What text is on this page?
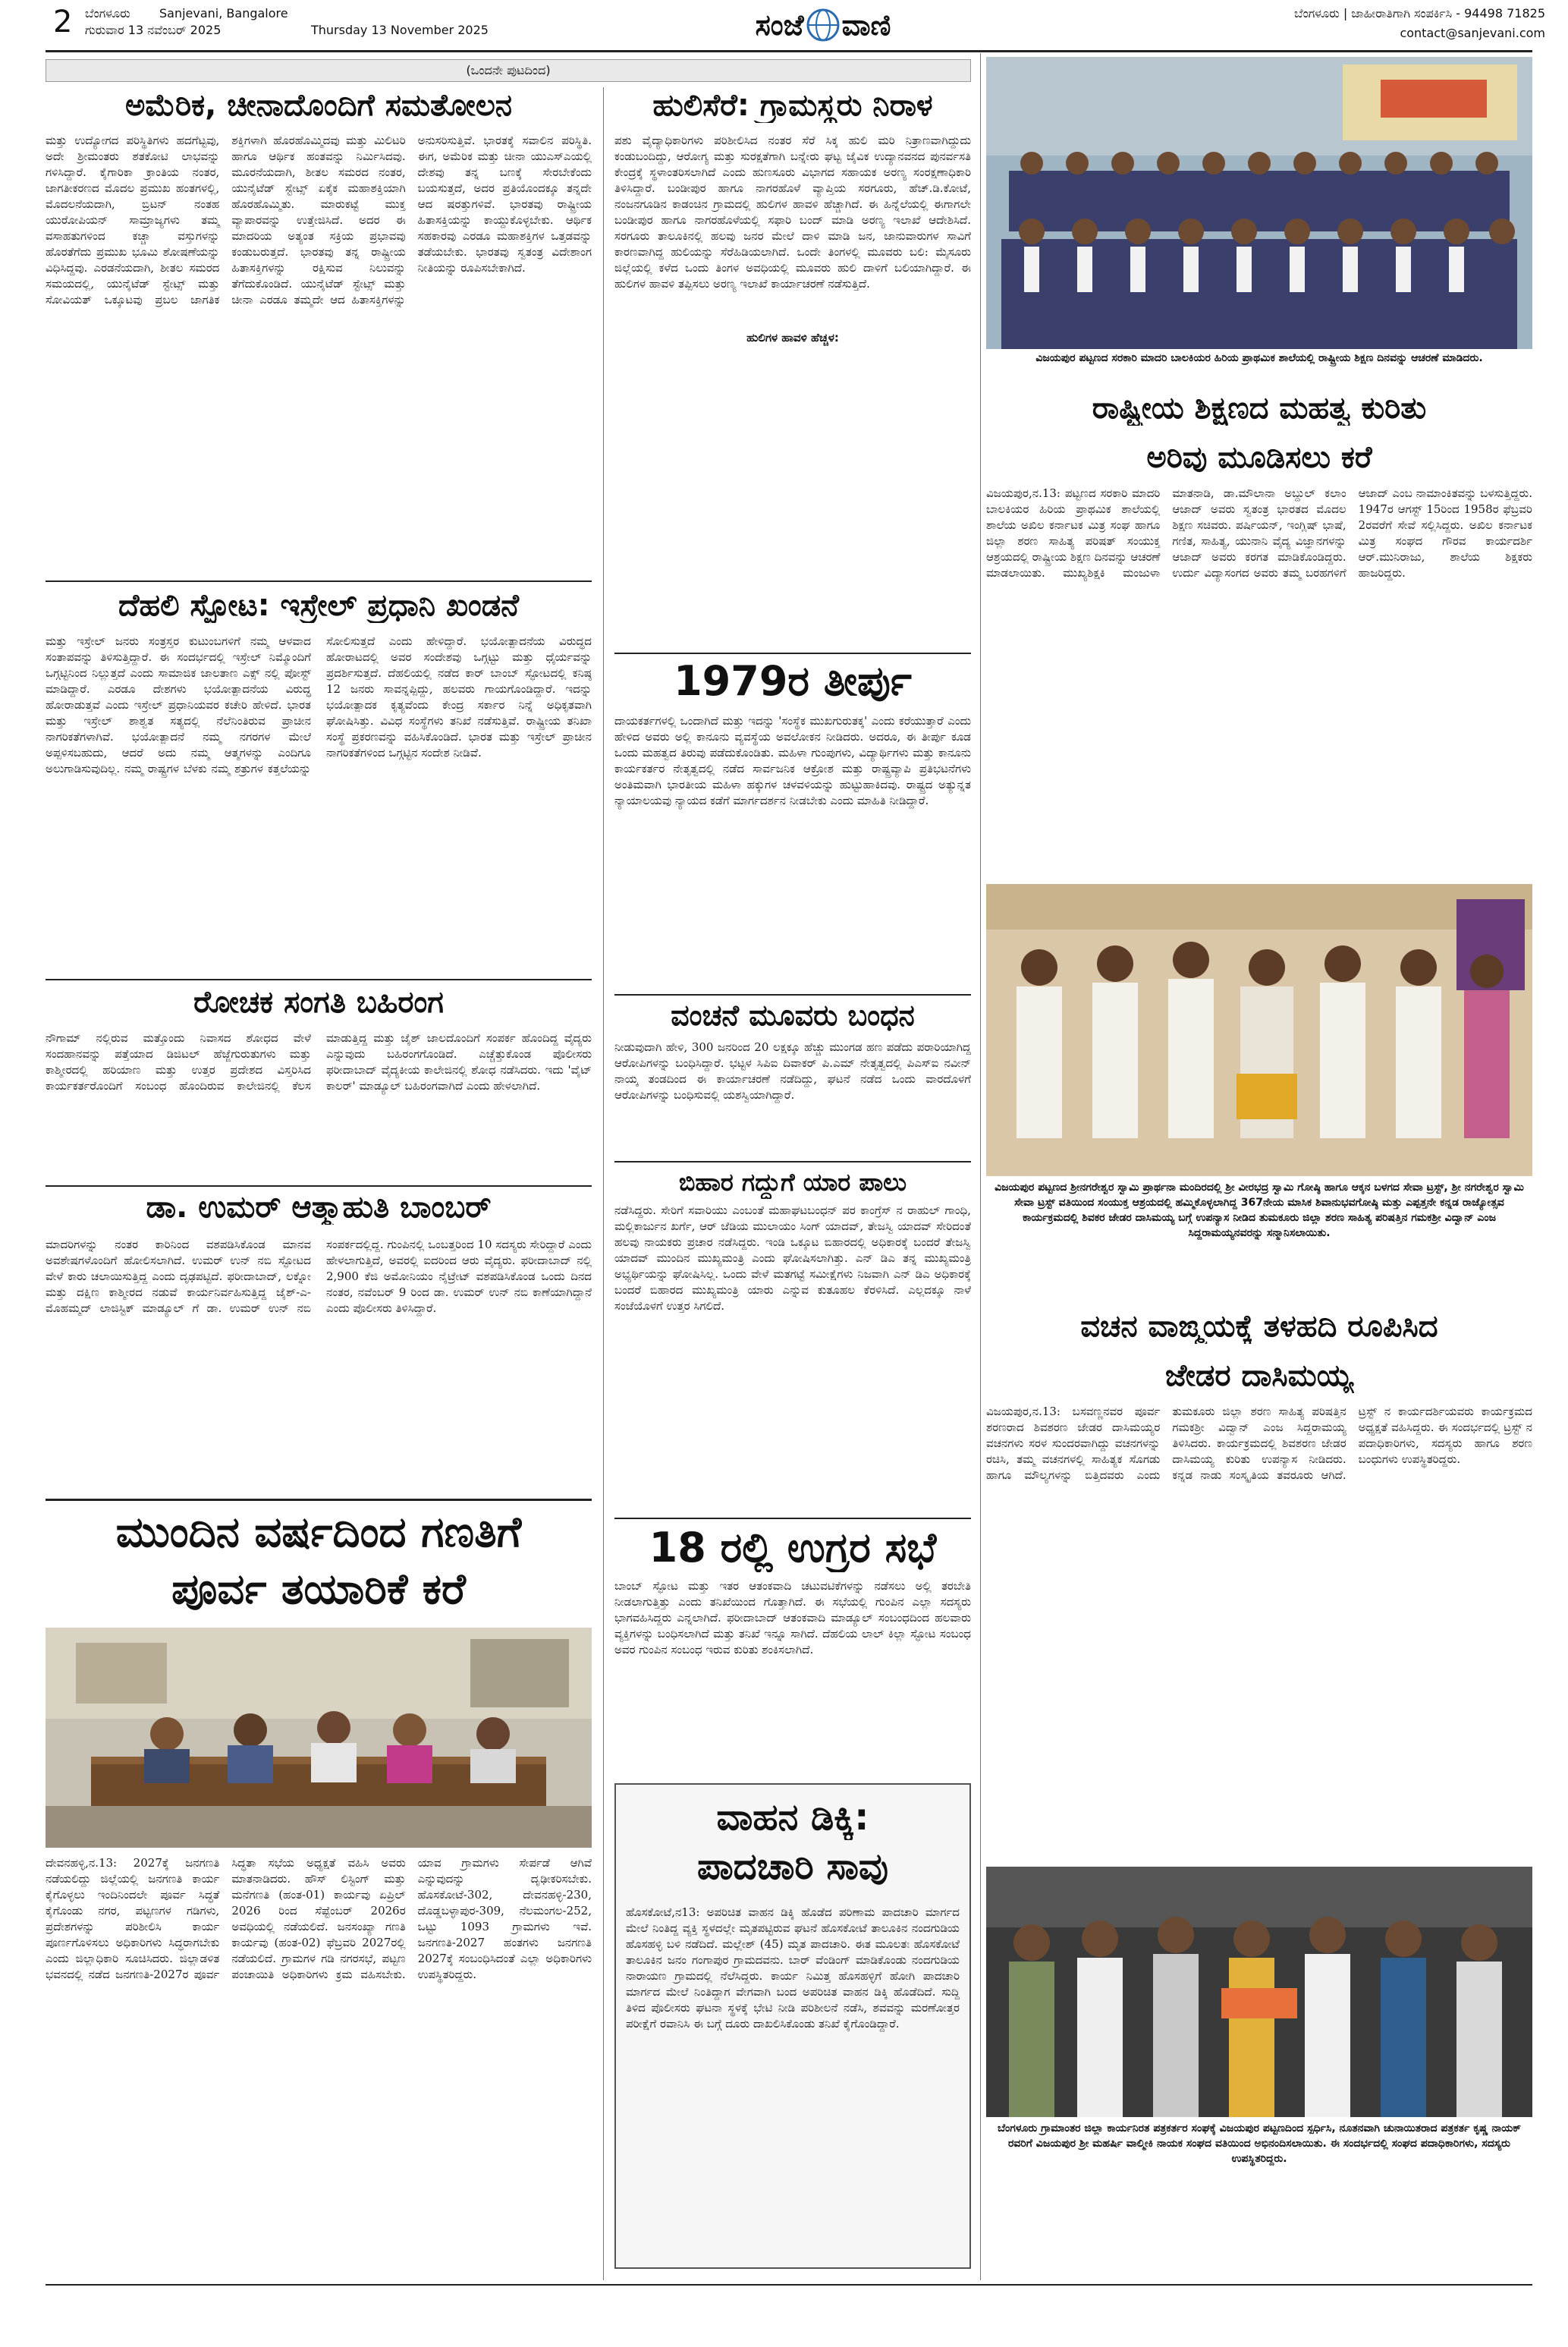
2 ಬೆಂಗಳೂರು
ಗುರುವಾರ 13 ನವೆಂಬರ್ 2025
Sanjevani, Bangalore
Thursday 13 November 2025	ಸಂಜೆ ವಾಣಿ	ಬೆಂಗಳೂರು | ಜಾಹೀರಾತಿಗಾಗಿ ಸಂಪರ್ಕಿಸಿ - 94498 71825
contact@sanjevani.com
(ಒಂದನೇ ಪುಟದಿಂದ)
ಅಮೆರಿಕ, ಚೀನಾದೊಂದಿಗೆ ಸಮತೋಲನ
ಮತ್ತು ಉದ್ಯೋಗದ ಪರಿಸ್ಥಿತಿಗಳು ಹದಗೆಟ್ಟವು, ಅದೇ ಶ್ರೀಮಂತರು ಶತಕೋಟಿ ಲಾಭವನ್ನು ಗಳಿಸಿದ್ದಾರೆ. ಕೈಗಾರಿಕಾ ಕ್ರಾಂತಿಯ ನಂತರ, ಜಾಗತೀಕರಣದ ಮೊದಲ ಪ್ರಮುಖ ಹಂತಗಳಲ್ಲಿ, ಮೊದಲನೆಯದಾಗಿ, ಬ್ರಿಟನ್ ನಂತಹ ಯುರೋಪಿಯನ್ ಸಾಮ್ರಾಜ್ಯಗಳು ತಮ್ಮ ವಸಾಹತುಗಳಿಂದ ಕಚ್ಚಾ ವಸ್ತುಗಳನ್ನು ಹೊರತೆಗೆದು ಪ್ರಮುಖ ಭೂಮಿ ಶೋಷಣೆಯನ್ನು ವಿಧಿಸಿದ್ದವು. ಎರಡನೆಯದಾಗಿ, ಶೀತಲ ಸಮರದ ಸಮಯದಲ್ಲಿ, ಯುನೈಟೆಡ್ ಸ್ಟೇಟ್ಸ್ ಮತ್ತು ಸೋವಿಯತ್ ಒಕ್ಕೂಟವು ಪ್ರಬಲ ಜಾಗತಿಕ ಶಕ್ತಿಗಳಾಗಿ ಹೊರಹೊಮ್ಮಿದವು ಮತ್ತು ಮಿಲಿಟರಿ ಹಾಗೂ ಆರ್ಥಿಕ ಹಂತವನ್ನು ನಿರ್ಮಿಸಿದವು. ಮೂರನೆಯದಾಗಿ, ಶೀತಲ ಸಮರದ ನಂತರ, ಯುನೈಟೆಡ್ ಸ್ಟೇಟ್ಸ್ ಏಕೈಕ ಮಹಾಶಕ್ತಿಯಾಗಿ ಹೊರಹೊಮ್ಮಿತು. ಮಾರುಕಟ್ಟೆ ಮುಕ್ತ ವ್ಯಾಪಾರವನ್ನು ಉತ್ತೇಜಿಸಿದೆ. ಅದರ ಈ ಮಾದರಿಯ ಅತ್ಯಂತ ಸಕ್ರಿಯ ಪ್ರಭಾವವು ಕಂಡುಬರುತ್ತದೆ. ಭಾರತವು ತನ್ನ ರಾಷ್ಟ್ರೀಯ ಹಿತಾಸಕ್ತಿಗಳನ್ನು ರಕ್ಷಿಸುವ ನಿಲುವನ್ನು ತೆಗೆದುಕೊಂಡಿದೆ. ಯುನೈಟೆಡ್ ಸ್ಟೇಟ್ಸ್ ಮತ್ತು ಚೀನಾ ಎರಡೂ ತಮ್ಮದೇ ಆದ ಹಿತಾಸಕ್ತಿಗಳನ್ನು ಅನುಸರಿಸುತ್ತಿವೆ. ಭಾರತಕ್ಕೆ ಸವಾಲಿನ ಪರಿಸ್ಥಿತಿ. ಈಗ, ಅಮೆರಿಕ ಮತ್ತು ಚೀನಾ ಯುಎಸ್ಎಯಲ್ಲಿ ದೇಶವು ತನ್ನ ಬಣಕ್ಕೆ ಸೇರಬೇಕೆಂದು ಬಯಸುತ್ತದೆ, ಅದರ ಪ್ರತಿಯೊಂದಕ್ಕೂ ತನ್ನದೇ ಆದ ಷರತ್ತುಗಳಿವೆ. ಭಾರತವು ರಾಷ್ಟ್ರೀಯ ಹಿತಾಸಕ್ತಿಯನ್ನು ಕಾಯ್ದುಕೊಳ್ಳಬೇಕು. ಆರ್ಥಿಕ ಸಹಕಾರವು ಎರಡೂ ಮಹಾಶಕ್ತಿಗಳ ಒತ್ತಡವನ್ನು ತಡೆಯಬೇಕು. ಭಾರತವು ಸ್ವತಂತ್ರ ವಿದೇಶಾಂಗ ನೀತಿಯನ್ನು ರೂಪಿಸಬೇಕಾಗಿದೆ.
ದೆಹಲಿ ಸ್ಫೋಟ: ಇಸ್ರೇಲ್ ಪ್ರಧಾನಿ ಖಂಡನೆ
ಮತ್ತು ಇಸ್ರೇಲ್ ಜನರು ಸಂತ್ರಸ್ತರ ಕುಟುಂಬಗಳಿಗೆ ನಮ್ಮ ಆಳವಾದ ಸಂತಾಪವನ್ನು ತಿಳಿಸುತ್ತಿದ್ದಾರೆ. ಈ ಸಂದರ್ಭದಲ್ಲಿ ಇಸ್ರೇಲ್ ನಿಮ್ಮೊಂದಿಗೆ ಒಗ್ಗಟ್ಟಿನಿಂದ ನಿಲ್ಲುತ್ತದೆ ಎಂದು ಸಾಮಾಜಿಕ ಜಾಲತಾಣ ಎಕ್ಸ್ ನಲ್ಲಿ ಪೋಸ್ಟ್ ಮಾಡಿದ್ದಾರೆ. ಎರಡೂ ದೇಶಗಳು ಭಯೋತ್ಪಾದನೆಯ ವಿರುದ್ಧ ಹೋರಾಡುತ್ತವೆ ಎಂದು ಇಸ್ರೇಲ್ ಪ್ರಧಾನಿಯವರ ಕಚೇರಿ ಹೇಳಿದೆ. ಭಾರತ ಮತ್ತು ಇಸ್ರೇಲ್ ಶಾಶ್ವತ ಸತ್ಯದಲ್ಲಿ ನೆಲೆನಿಂತಿರುವ ಪ್ರಾಚೀನ ನಾಗರಿಕತೆಗಳಾಗಿವೆ. ಭಯೋತ್ಪಾದನೆ ನಮ್ಮ ನಗರಗಳ ಮೇಲೆ ಅಪ್ಪಳಿಸಬಹುದು, ಆದರೆ ಅದು ನಮ್ಮ ಆತ್ಮಗಳನ್ನು ಎಂದಿಗೂ ಅಲುಗಾಡಿಸುವುದಿಲ್ಲ. ನಮ್ಮ ರಾಷ್ಟ್ರಗಳ ಬೆಳಕು ನಮ್ಮ ಶತ್ರುಗಳ ಕತ್ತಲೆಯನ್ನು ಸೋಲಿಸುತ್ತದೆ ಎಂದು ಹೇಳಿದ್ದಾರೆ. ಭಯೋತ್ಪಾದನೆಯ ವಿರುದ್ಧದ ಹೋರಾಟದಲ್ಲಿ ಅವರ ಸಂದೇಶವು ಒಗ್ಗಟ್ಟು ಮತ್ತು ಧೈರ್ಯವನ್ನು ಪ್ರದರ್ಶಿಸುತ್ತದೆ. ದೆಹಲಿಯಲ್ಲಿ ನಡೆದ ಕಾರ್ ಬಾಂಬ್ ಸ್ಫೋಟದಲ್ಲಿ ಕನಿಷ್ಠ 12 ಜನರು ಸಾವನ್ನಪ್ಪಿದ್ದು, ಹಲವರು ಗಾಯಗೊಂಡಿದ್ದಾರೆ. ಇದನ್ನು ಭಯೋತ್ಪಾದಕ ಕೃತ್ಯವೆಂದು ಕೇಂದ್ರ ಸರ್ಕಾರ ನಿನ್ನೆ ಅಧಿಕೃತವಾಗಿ ಘೋಷಿಸಿತ್ತು. ವಿವಿಧ ಸಂಸ್ಥೆಗಳು ತನಿಖೆ ನಡೆಸುತ್ತಿವೆ. ರಾಷ್ಟ್ರೀಯ ತನಿಖಾ ಸಂಸ್ಥೆ ಪ್ರಕರಣವನ್ನು ವಹಿಸಿಕೊಂಡಿದೆ. ಭಾರತ ಮತ್ತು ಇಸ್ರೇಲ್ ಪ್ರಾಚೀನ ನಾಗರಿಕತೆಗಳಿಂದ ಒಗ್ಗಟ್ಟಿನ ಸಂದೇಶ ನೀಡಿವೆ.
ರೋಚಕ ಸಂಗತಿ ಬಹಿರಂಗ
ನೌಗಾಮ್ ನಲ್ಲಿರುವ ಮತ್ತೊಂದು ನಿವಾಸದ ಶೋಧದ ವೇಳೆ ಸಂದಹಾನವನ್ನು ಪತ್ತೆಯಾದ ಡಿಜಿಟಲ್ ಹೆಜ್ಜೆಗುರುತುಗಳು ಮತ್ತು ಕಾಶ್ಮೀರದಲ್ಲಿ ಹರಿಯಾಣ ಮತ್ತು ಉತ್ತರ ಪ್ರದೇಶದ ವಿಸ್ತರಿಸಿದ ಕಾರ್ಯಕರ್ತರೊಂದಿಗೆ ಸಂಬಂಧ ಹೊಂದಿರುವ ಕಾಲೇಜಿನಲ್ಲಿ ಕೆಲಸ ಮಾಡುತ್ತಿದ್ದ ಮತ್ತು ಜೈಶ್ ಜಾಲದೊಂದಿಗೆ ಸಂಪರ್ಕ ಹೊಂದಿದ್ದ ವೈದ್ಯರು ಎನ್ನುವುದು ಬಹಿರಂಗಗೊಂಡಿದೆ. ಎಚ್ಚೆತ್ತುಕೊಂಡ ಪೊಲೀಸರು ಫರೀದಾಬಾದ್ ವೈದ್ಯಕೀಯ ಕಾಲೇಜಿನಲ್ಲಿ ಶೋಧ ನಡೆಸಿದರು. ಇದು 'ವೈಟ್ ಕಾಲರ್' ಮಾಡ್ಯೂಲ್ ಬಹಿರಂಗವಾಗಿದೆ ಎಂದು ಹೇಳಲಾಗಿದೆ.
ಡಾ. ಉಮರ್ ಆತ್ಮಾಹುತಿ ಬಾಂಬರ್
ಮಾದರಿಗಳನ್ನು ನಂತರ ಕಾರಿನಿಂದ ವಶಪಡಿಸಿಕೊಂಡ ಮಾನವ ಅವಶೇಷಗಳೊಂದಿಗೆ ಹೋಲಿಸಲಾಗಿದೆ. ಉಮರ್ ಉನ್ ನಬಿ ಸ್ಫೋಟದ ವೇಳೆ ಕಾರು ಚಲಾಯಿಸುತ್ತಿದ್ದ ಎಂದು ದೃಢಪಟ್ಟಿದೆ. ಫರೀದಾಬಾದ್, ಲಕ್ನೋ ಮತ್ತು ದಕ್ಷಿಣ ಕಾಶ್ಮೀರದ ನಡುವೆ ಕಾರ್ಯನಿರ್ವಹಿಸುತ್ತಿದ್ದ ಜೈಶ್-ಎ-ಮೊಹಮ್ಮದ್ ಲಾಜಿಸ್ಟಿಕ್ ಮಾಡ್ಯೂಲ್ ಗೆ ಡಾ. ಉಮರ್ ಉನ್ ನಬಿ ಸಂಪರ್ಕದಲ್ಲಿದ್ದ. ಗುಂಪಿನಲ್ಲಿ ಒಂಬತ್ತರಿಂದ 10 ಸದಸ್ಯರು ಸೇರಿದ್ದಾರೆ ಎಂದು ಹೇಳಲಾಗುತ್ತಿದೆ, ಅವರಲ್ಲಿ ಐದರಿಂದ ಆರು ವೈದ್ಯರು. ಫರೀದಾಬಾದ್ ನಲ್ಲಿ 2,900 ಕೆಜಿ ಅಮೋನಿಯಂ ನೈಟ್ರೇಟ್ ವಶಪಡಿಸಿಕೊಂಡ ಒಂದು ದಿನದ ನಂತರ, ನವೆಂಬರ್ 9 ರಿಂದ ಡಾ. ಉಮರ್ ಉನ್ ನಬಿ ಕಾಣೆಯಾಗಿದ್ದಾನೆ ಎಂದು ಪೊಲೀಸರು ತಿಳಿಸಿದ್ದಾರೆ.
ಮುಂದಿನ ವರ್ಷದಿಂದ ಗಣತಿಗೆ
ಪೂರ್ವ ತಯಾರಿಕೆ ಕರೆ
ದೇವನಹಳ್ಳಿ,ನ.13: 2027ಕ್ಕೆ ಜನಗಣತಿ ನಡೆಯಲಿದ್ದು ಜಿಲ್ಲೆಯಲ್ಲಿ ಜನಗಣತಿ ಕಾರ್ಯ ಕೈಗೊಳ್ಳಲು ಇಂದಿನಿಂದಲೇ ಪೂರ್ವ ಸಿದ್ಧತೆ ಕೈಗೊಂಡು ನಗರ, ಪಟ್ಟಣಗಳ ಗಡಿಗಳು, ಪ್ರದೇಶಗಳನ್ನು ಪರಿಶೀಲಿಸಿ ಕಾರ್ಯ ಪೂರ್ಣಗೊಳಿಸಲು ಅಧಿಕಾರಿಗಳು ಸಿದ್ಧರಾಗಬೇಕು ಎಂದು ಜಿಲ್ಲಾಧಿಕಾರಿ ಸೂಚಿಸಿದರು. ಜಿಲ್ಲಾಡಳಿತ ಭವನದಲ್ಲಿ ನಡೆದ ಜನಗಣತಿ-2027ರ ಪೂರ್ವ ಸಿದ್ಧತಾ ಸಭೆಯ ಅಧ್ಯಕ್ಷತೆ ವಹಿಸಿ ಅವರು ಮಾತನಾಡಿದರು. ಹೌಸ್ ಲಿಸ್ಟಿಂಗ್ ಮತ್ತು ಮನೆಗಣತಿ (ಹಂತ-01) ಕಾರ್ಯವು ಏಪ್ರಿಲ್ 2026 ರಿಂದ ಸೆಪ್ಟೆಂಬರ್ 2026ರ ಅವಧಿಯಲ್ಲಿ ನಡೆಯಲಿದೆ. ಜನಸಂಖ್ಯಾ ಗಣತಿ ಕಾರ್ಯವು (ಹಂತ-02) ಫೆಬ್ರವರಿ 2027ರಲ್ಲಿ ನಡೆಯಲಿದೆ. ಗ್ರಾಮಗಳ ಗಡಿ ನಗರಸಭೆ, ಪಟ್ಟಣ ಪಂಚಾಯಿತಿ ಅಧಿಕಾರಿಗಳು ಕ್ರಮ ವಹಿಸಬೇಕು. ಯಾವ ಗ್ರಾಮಗಳು ಸೇರ್ಪಡೆ ಆಗಿವೆ ಎನ್ನುವುದನ್ನು ದೃಢೀಕರಿಸಬೇಕು. ಹೊಸಕೋಟೆ-302, ದೇವನಹಳ್ಳಿ-230, ದೊಡ್ಡಬಳ್ಳಾಪುರ-309, ನೆಲಮಂಗಲ-252, ಒಟ್ಟು 1093 ಗ್ರಾಮಗಳು ಇವೆ. ಜನಗಣತಿ-2027 ಹಂತಗಳು ಜನಗಣತಿ 2027ಕ್ಕೆ ಸಂಬಂಧಿಸಿದಂತೆ ಎಲ್ಲಾ ಅಧಿಕಾರಿಗಳು ಉಪಸ್ಥಿತರಿದ್ದರು.
ಹುಲಿಸೆರೆ: ಗ್ರಾಮಸ್ಥರು ನಿರಾಳ
ಪಶು ವೈದ್ಯಾಧಿಕಾರಿಗಳು ಪರಿಶೀಲಿಸಿದ ನಂತರ ಸೆರೆ ಸಿಕ್ಕ ಹುಲಿ ಮರಿ ನಿತ್ರಾಣವಾಗಿದ್ದುದು ಕಂಡುಬಂದಿದ್ದು, ಆರೋಗ್ಯ ಮತ್ತು ಸುರಕ್ಷತೆಗಾಗಿ ಬನ್ನೇರು ಘಟ್ಟ ಜೈವಿಕ ಉದ್ಯಾನವನದ ಪುನರ್ವಸತಿ ಕೇಂದ್ರಕ್ಕೆ ಸ್ಥಳಾಂತರಿಸಲಾಗಿದೆ ಎಂದು ಹುಣಸೂರು ವಿಭಾಗದ ಸಹಾಯಕ ಅರಣ್ಯ ಸಂರಕ್ಷಣಾಧಿಕಾರಿ ತಿಳಿಸಿದ್ದಾರೆ. ಬಂಡೀಪುರ ಹಾಗೂ ನಾಗರಹೊಳೆ ವ್ಯಾಪ್ತಿಯ ಸರಗೂರು, ಹೆಚ್.ಡಿ.ಕೋಟೆ, ನಂಜನಗೂಡಿನ ಕಾಡಂಚಿನ ಗ್ರಾಮದಲ್ಲಿ ಹುಲಿಗಳ ಹಾವಳಿ ಹೆಚ್ಚಾಗಿದೆ. ಈ ಹಿನ್ನೆಲೆಯಲ್ಲಿ ಈಗಾಗಲೇ ಬಂಡೀಪುರ ಹಾಗೂ ನಾಗರಹೊಳೆಯಲ್ಲಿ ಸಫಾರಿ ಬಂದ್ ಮಾಡಿ ಅರಣ್ಯ ಇಲಾಖೆ ಆದೇಶಿಸಿದೆ. ಸರಗೂರು ತಾಲೂಕಿನಲ್ಲಿ ಹಲವು ಜನರ ಮೇಲೆ ದಾಳಿ ಮಾಡಿ ಜನ, ಜಾನುವಾರುಗಳ ಸಾವಿಗೆ ಕಾರಣವಾಗಿದ್ದ ಹುಲಿಯನ್ನು ಸೆರೆಹಿಡಿಯಲಾಗಿದೆ. ಒಂದೇ ತಿಂಗಳಲ್ಲಿ ಮೂವರು ಬಲಿ: ಮೈಸೂರು ಜಿಲ್ಲೆಯಲ್ಲಿ ಕಳೆದ ಒಂದು ತಿಂಗಳ ಅವಧಿಯಲ್ಲಿ ಮೂವರು ಹುಲಿ ದಾಳಿಗೆ ಬಲಿಯಾಗಿದ್ದಾರೆ. ಈ ಹುಲಿಗಳ ಹಾವಳಿ ತಪ್ಪಿಸಲು ಅರಣ್ಯ ಇಲಾಖೆ ಕಾರ್ಯಾಚರಣೆ ನಡೆಸುತ್ತಿದೆ.
ಹುಲಿಗಳ ಹಾವಳಿ ಹೆಚ್ಚಳ:
1979ರ ತೀರ್ಪು
ದಾಯಕರ್ತಗಳಲ್ಲಿ ಒಂದಾಗಿದೆ ಮತ್ತು ಇದನ್ನು 'ಸಂಸ್ಥೆಕ ಮುಖಗುರುತಕ್ಕ' ಎಂದು ಕರೆಯುತ್ತಾರೆ ಎಂದು ಹೇಳಿದ ಅವರು ಅಲ್ಲಿ ಕಾನೂನು ವ್ಯವಸ್ಥೆಯ ಅವಲೋಕನ ನೀಡಿದರು. ಅದರೂ, ಈ ತೀರ್ಪು ಕೂಡ ಒಂದು ಮಹತ್ವದ ತಿರುವು ಪಡೆದುಕೊಂಡಿತು. ಮಹಿಳಾ ಗುಂಪುಗಳು, ವಿದ್ಯಾರ್ಥಿಗಳು ಮತ್ತು ಕಾನೂನು ಕಾರ್ಯಕರ್ತರ ನೇತೃತ್ವದಲ್ಲಿ ನಡೆದ ಸಾರ್ವಜನಿಕ ಆಕ್ರೋಶ ಮತ್ತು ರಾಷ್ಟ್ರವ್ಯಾಪಿ ಪ್ರತಿಭಟನೆಗಳು ಅಂತಿಮವಾಗಿ ಭಾರತೀಯ ಮಹಿಳಾ ಹಕ್ಕುಗಳ ಚಳವಳಿಯನ್ನು ಹುಟ್ಟುಹಾಕಿದವು. ರಾಷ್ಟ್ರದ ಅತ್ಯುನ್ನತ ನ್ಯಾಯಾಲಯವು ನ್ಯಾಯದ ಕಡೆಗೆ ಮಾರ್ಗದರ್ಶನ ನೀಡಬೇಕು ಎಂದು ಮಾಹಿತಿ ನೀಡಿದ್ದಾರೆ.
ವಂಚನೆ ಮೂವರು ಬಂಧನ
ನೀಡುವುದಾಗಿ ಹೇಳಿ, 300 ಜನರಿಂದ 20 ಲಕ್ಷಕ್ಕೂ ಹೆಚ್ಚು ಮುಂಗಡ ಹಣ ಪಡೆದು ಪರಾರಿಯಾಗಿದ್ದ ಆರೋಪಿಗಳನ್ನು ಬಂಧಿಸಿದ್ದಾರೆ. ಭಟ್ಟಳ ಸಿಪಿಐ ದಿವಾಕರ್ ಪಿ.ಎಮ್ ನೇತೃತ್ವದಲ್ಲಿ ಪಿಎಸ್ಐ ನವೀನ್ ನಾಯ್ಕ ತಂಡದಿಂದ ಈ ಕಾರ್ಯಾಚರಣೆ ನಡೆದಿದ್ದು, ಘಟನೆ ನಡೆದ ಒಂದು ವಾರದೊಳಗೆ ಆರೋಪಿಗಳನ್ನು ಬಂಧಿಸುವಲ್ಲಿ ಯಶಸ್ವಿಯಾಗಿದ್ದಾರೆ.
ಬಿಹಾರ ಗದ್ದುಗೆ ಯಾರ ಪಾಲು
ನಡೆಸಿದ್ದರು. ಸೇರಿಗೆ ಸವಾರಿಯು ಎಂಬಂತೆ ಮಹಾಘಟಬಂಧನ್ ಪರ ಕಾಂಗ್ರೆಸ್ ನ ರಾಹುಲ್ ಗಾಂಧಿ, ಮಲ್ಲಿಕಾರ್ಜುನ ಖರ್ಗೆ, ಆರ್ ಜೆಡಿಯ ಮುಲಾಯಂ ಸಿಂಗ್ ಯಾದವ್, ತೇಜಸ್ವಿ ಯಾದವ್ ಸೇರಿದಂತೆ ಹಲವು ನಾಯಕರು ಪ್ರಚಾರ ನಡೆಸಿದ್ದರು. ಇಂಡಿ ಒಕ್ಕೂಟ ಬಿಹಾರದಲ್ಲಿ ಅಧಿಕಾರಕ್ಕೆ ಬಂದರೆ ತೇಜಸ್ವಿ ಯಾದವ್ ಮುಂದಿನ ಮುಖ್ಯಮಂತ್ರಿ ಎಂದು ಘೋಷಿಸಲಾಗಿತ್ತು. ಎನ್ ಡಿಎ ತನ್ನ ಮುಖ್ಯಮಂತ್ರಿ ಅಭ್ಯರ್ಥಿಯನ್ನು ಘೋಷಿಸಿಲ್ಲ. ಒಂದು ವೇಳೆ ಮತಗಟ್ಟೆ ಸಮೀಕ್ಷೆಗಳು ನಿಜವಾಗಿ ಎನ್ ಡಿಎ ಅಧಿಕಾರಕ್ಕೆ ಬಂದರೆ ಬಿಹಾರದ ಮುಖ್ಯಮಂತ್ರಿ ಯಾರು ಎನ್ನುವ ಕುತೂಹಲ ಕೆರಳಿಸಿದೆ. ಎಲ್ಲದಕ್ಕೂ ನಾಳೆ ಸಂಜೆಯೊಳಗೆ ಉತ್ತರ ಸಿಗಲಿದೆ.
18 ರಲ್ಲಿ ಉಗ್ರರ ಸಭೆ
ಬಾಂಬ್ ಸ್ಫೋಟ ಮತ್ತು ಇತರ ಆತಂಕವಾದಿ ಚಟುವಟಿಕೆಗಳನ್ನು ನಡೆಸಲು ಅಲ್ಲಿ ತರಬೇತಿ ನೀಡಲಾಗುತ್ತಿತ್ತು ಎಂದು ತನಿಖೆಯಿಂದ ಗೊತ್ತಾಗಿದೆ. ಈ ಸಭೆಯಲ್ಲಿ ಗುಂಪಿನ ಎಲ್ಲಾ ಸದಸ್ಯರು ಭಾಗವಹಿಸಿದ್ದರು ಎನ್ನಲಾಗಿದೆ. ಫರೀದಾಬಾದ್ ಆತಂಕವಾದಿ ಮಾಡ್ಯೂಲ್ ಸಂಬಂಧದಿಂದ ಹಲವಾರು ವ್ಯಕ್ತಿಗಳನ್ನು ಬಂಧಿಸಲಾಗಿದೆ ಮತ್ತು ತನಿಖೆ ಇನ್ನೂ ಸಾಗಿದೆ. ದೆಹಲಿಯ ಲಾಲ್ ಕಿಲ್ಲಾ ಸ್ಫೋಟ ಸಂಬಂಧ ಅವರ ಗುಂಪಿನ ಸಂಬಂಧ ಇರುವ ಕುರಿತು ಶಂಕಿಸಲಾಗಿದೆ.
ವಾಹನ ಡಿಕ್ಕಿ:
ಪಾದಚಾರಿ ಸಾವು
ಹೊಸಕೋಟೆ,ನ13: ಅಪರಿಚಿತ ವಾಹನ ಡಿಕ್ಕಿ ಹೊಡೆದ ಪರಿಣಾಮ ಪಾದಚಾರಿ ಮಾರ್ಗದ ಮೇಲೆ ನಿಂತಿದ್ದ ವ್ಯಕ್ತಿ ಸ್ಥಳದಲ್ಲೇ ಮೃತಪಟ್ಟಿರುವ ಘಟನೆ ಹೊಸಕೋಟೆ ತಾಲೂಕಿನ ನಂದಗುಡಿಯ ಹೊಸಹಳ್ಳಿ ಬಳಿ ನಡೆದಿದೆ. ಮಲ್ಲೇಶ್ (45) ಮೃತ ಪಾದಚಾರಿ. ಈತ ಮೂಲತಃ ಹೊಸಕೋಟೆ ತಾಲೂಕಿನ ಜನಂ ಗಂಗಾಪುರ ಗ್ರಾಮದವನು. ಬಾರ್ ವೆಂಡಿಂಗ್ ಮಾಡಿಕೊಂಡು ನಂದಗುಡಿಯ ನಾರಾಯಣ ಗ್ರಾಮದಲ್ಲಿ ನೆಲೆಸಿದ್ದರು. ಕಾರ್ಯ ನಿಮಿತ್ತ ಹೊಸಹಳ್ಳಿಗೆ ಹೋಗಿ ಪಾದಚಾರಿ ಮಾರ್ಗದ ಮೇಲೆ ನಿಂತಿದ್ದಾಗ ವೇಗವಾಗಿ ಬಂದ ಅಪರಿಚಿತ ವಾಹನ ಡಿಕ್ಕಿ ಹೊಡೆದಿದೆ. ಸುದ್ದಿ ತಿಳಿದ ಪೊಲೀಸರು ಘಟನಾ ಸ್ಥಳಕ್ಕೆ ಭೇಟಿ ನೀಡಿ ಪರಿಶೀಲನೆ ನಡೆಸಿ, ಶವವನ್ನು ಮರಣೋತ್ತರ ಪರೀಕ್ಷೆಗೆ ರವಾನಿಸಿ ಈ ಬಗ್ಗೆ ದೂರು ದಾಖಲಿಸಿಕೊಂಡು ತನಿಖೆ ಕೈಗೊಂಡಿದ್ದಾರೆ.
ವಿಜಯಪುರ ಪಟ್ಟಣದ ಸರಕಾರಿ ಮಾದರಿ ಬಾಲಕಿಯರ ಹಿರಿಯ ಪ್ರಾಥಮಿಕ ಶಾಲೆಯಲ್ಲಿ ರಾಷ್ಟ್ರೀಯ ಶಿಕ್ಷಣ ದಿನವನ್ನು ಆಚರಣೆ ಮಾಡಿದರು.
ರಾಷ್ಟ್ರೀಯ ಶಿಕ್ಷಣದ ಮಹತ್ವ ಕುರಿತು
ಅರಿವು ಮೂಡಿಸಲು ಕರೆ
ವಿಜಯಪುರ,ನ.13: ಪಟ್ಟಣದ ಸರಕಾರಿ ಮಾದರಿ ಬಾಲಕಿಯರ ಹಿರಿಯ ಪ್ರಾಥಮಿಕ ಶಾಲೆಯಲ್ಲಿ ಶಾಲೆಯ ಅಖಿಲ ಕರ್ನಾಟಕ ಮಿತ್ರ ಸಂಘ ಹಾಗೂ ಜಿಲ್ಲಾ ಶರಣ ಸಾಹಿತ್ಯ ಪರಿಷತ್ ಸಂಯುಕ್ತ ಆಶ್ರಯದಲ್ಲಿ ರಾಷ್ಟ್ರೀಯ ಶಿಕ್ಷಣ ದಿನವನ್ನು ಆಚರಣೆ ಮಾಡಲಾಯಿತು. ಮುಖ್ಯಶಿಕ್ಷಕಿ ಮಂಜುಳಾ ಮಾತನಾಡಿ, ಡಾ.ಮೌಲಾನಾ ಅಬ್ದುಲ್ ಕಲಾಂ ಆಜಾದ್ ಅವರು ಸ್ವತಂತ್ರ ಭಾರತದ ಮೊದಲ ಶಿಕ್ಷಣ ಸಚಿವರು. ಪರ್ಷಿಯನ್, ಇಂಗ್ಲಿಷ್ ಭಾಷೆ, ಗಣಿತ, ಸಾಹಿತ್ಯ, ಯುನಾನಿ ವೈದ್ಯ ವಿಜ್ಞಾನಗಳನ್ನು ಆಜಾದ್ ಅವರು ಕರಗತ ಮಾಡಿಕೊಂಡಿದ್ದರು. ಉರ್ದು ವಿದ್ಯಾಸಂಗದ ಅವರು ತಮ್ಮ ಬರಹಗಳಿಗೆ ಆಜಾದ್ ಎಂಬ ನಾಮಾಂಕಿತವನ್ನು ಬಳಸುತ್ತಿದ್ದರು. 1947ರ ಆಗಸ್ಟ್ 15ರಿಂದ 1958ರ ಫೆಬ್ರವರಿ 2ರವರೆಗೆ ಸೇವೆ ಸಲ್ಲಿಸಿದ್ದರು. ಅಖಿಲ ಕರ್ನಾಟಕ ಮಿತ್ರ ಸಂಘದ ಗೌರವ ಕಾರ್ಯದರ್ಶಿ ಆರ್.ಮುನಿರಾಜು, ಶಾಲೆಯ ಶಿಕ್ಷಕರು ಹಾಜರಿದ್ದರು.
ವಿಜಯಪುರ ಪಟ್ಟಣದ ಶ್ರೀನಗರೇಶ್ವರ ಸ್ವಾಮಿ ಪ್ರಾರ್ಥನಾ ಮಂದಿರದಲ್ಲಿ ಶ್ರೀ ವೀರಭದ್ರ ಸ್ವಾಮಿ ಗೋಷ್ಠಿ ಹಾಗೂ ಆಕ್ಕನ ಬಳಗದ ಸೇವಾ ಟ್ರಸ್ಟ್, ಶ್ರೀ ನಗರೇಶ್ವರ ಸ್ವಾಮಿ ಸೇವಾ ಟ್ರಸ್ಟ್ ವತಿಯಿಂದ ಸಂಯುಕ್ತ ಆಶ್ರಯದಲ್ಲಿ ಹಮ್ಮಿಕೊಳ್ಳಲಾಗಿದ್ದ 367ನೇಯ ಮಾಸಿಕ ಶಿವಾನುಭವಗೋಷ್ಠಿ ಮತ್ತು ಎಪ್ಪತ್ತನೇ ಕನ್ನಡ ರಾಜ್ಯೋತ್ಸವ ಕಾರ್ಯಕ್ರಮದಲ್ಲಿ ಶಿವಕರ ಜೇಡರ ದಾಸಿಮಯ್ಯ ಬಗ್ಗೆ ಉಪನ್ಯಾಸ ನೀಡಿದ ತುಮಕೂರು ಜಿಲ್ಲಾ ಶರಣ ಸಾಹಿತ್ಯ ಪರಿಷತ್ತಿನ ಗಮಕಶ್ರೀ ವಿದ್ವಾನ್ ಎಂಜ ಸಿದ್ದರಾಮಯ್ಯನವರನ್ನು ಸನ್ಮಾನಿಸಲಾಯಿತು.
ವಚನ ವಾಙ್ಮಯಕ್ಕೆ ತಳಹದಿ ರೂಪಿಸಿದ
ಜೇಡರ ದಾಸಿಮಯ್ಯ
ವಿಜಯಪುರ,ನ.13: ಬಸವಣ್ಣನವರ ಪೂರ್ವ ಶರಣರಾದ ಶಿವಶರಣ ಜೇಡರ ದಾಸಿಮಯ್ಯರ ವಚನಗಳು ಸರಳ ಸುಂದರವಾಗಿದ್ದು ವಚನಗಳನ್ನು ರಚಿಸಿ, ತಮ್ಮ ವಚನಗಳಲ್ಲಿ ಸಾಹಿತ್ಯಕ ಸೊಗಡು ಹಾಗೂ ಮೌಲ್ಯಗಳನ್ನು ಬಿತ್ತಿದವರು ಎಂದು ತುಮಕೂರು ಜಿಲ್ಲಾ ಶರಣ ಸಾಹಿತ್ಯ ಪರಿಷತ್ತಿನ ಗಮಕಶ್ರೀ ವಿದ್ವಾನ್ ಎಂಜ ಸಿದ್ದರಾಮಯ್ಯ ತಿಳಿಸಿದರು. ಕಾರ್ಯಕ್ರಮದಲ್ಲಿ ಶಿವಶರಣ ಜೇಡರ ದಾಸಿಮಯ್ಯ ಕುರಿತು ಉಪನ್ಯಾಸ ನೀಡಿದರು. ಕನ್ನಡ ನಾಡು ಸಂಸ್ಕೃತಿಯ ತವರೂರು ಆಗಿದೆ. ಟ್ರಸ್ಟ್ ನ ಕಾರ್ಯದರ್ಶಿಯವರು ಕಾರ್ಯಕ್ರಮದ ಅಧ್ಯಕ್ಷತೆ ವಹಿಸಿದ್ದರು. ಈ ಸಂದರ್ಭದಲ್ಲಿ ಟ್ರಸ್ಟ್ ನ ಪದಾಧಿಕಾರಿಗಳು, ಸದಸ್ಯರು ಹಾಗೂ ಶರಣ ಬಂಧುಗಳು ಉಪಸ್ಥಿತರಿದ್ದರು.
ಬೆಂಗಳೂರು ಗ್ರಾಮಾಂತರ ಜಿಲ್ಲಾ ಕಾರ್ಯನಿರತ ಪತ್ರಕರ್ತರ ಸಂಘಕ್ಕೆ ವಿಜಯಪುರ ಪಟ್ಟಣದಿಂದ ಸ್ಪರ್ಧಿಸಿ, ನೂತನವಾಗಿ ಚುನಾಯಿತರಾದ ಪತ್ರಕರ್ತ ಕೃಷ್ಣ ನಾಯಕ್ ರವರಿಗೆ ವಿಜಯಪುರ ಶ್ರೀ ಮಹರ್ಷಿ ವಾಲ್ಮೀಕಿ ನಾಯಕ ಸಂಘದ ವತಿಯಿಂದ ಅಭಿನಂದಿಸಲಾಯಿತು. ಈ ಸಂದರ್ಭದಲ್ಲಿ ಸಂಘದ ಪದಾಧಿಕಾರಿಗಳು, ಸದಸ್ಯರು ಉಪಸ್ಥಿತರಿದ್ದರು.
